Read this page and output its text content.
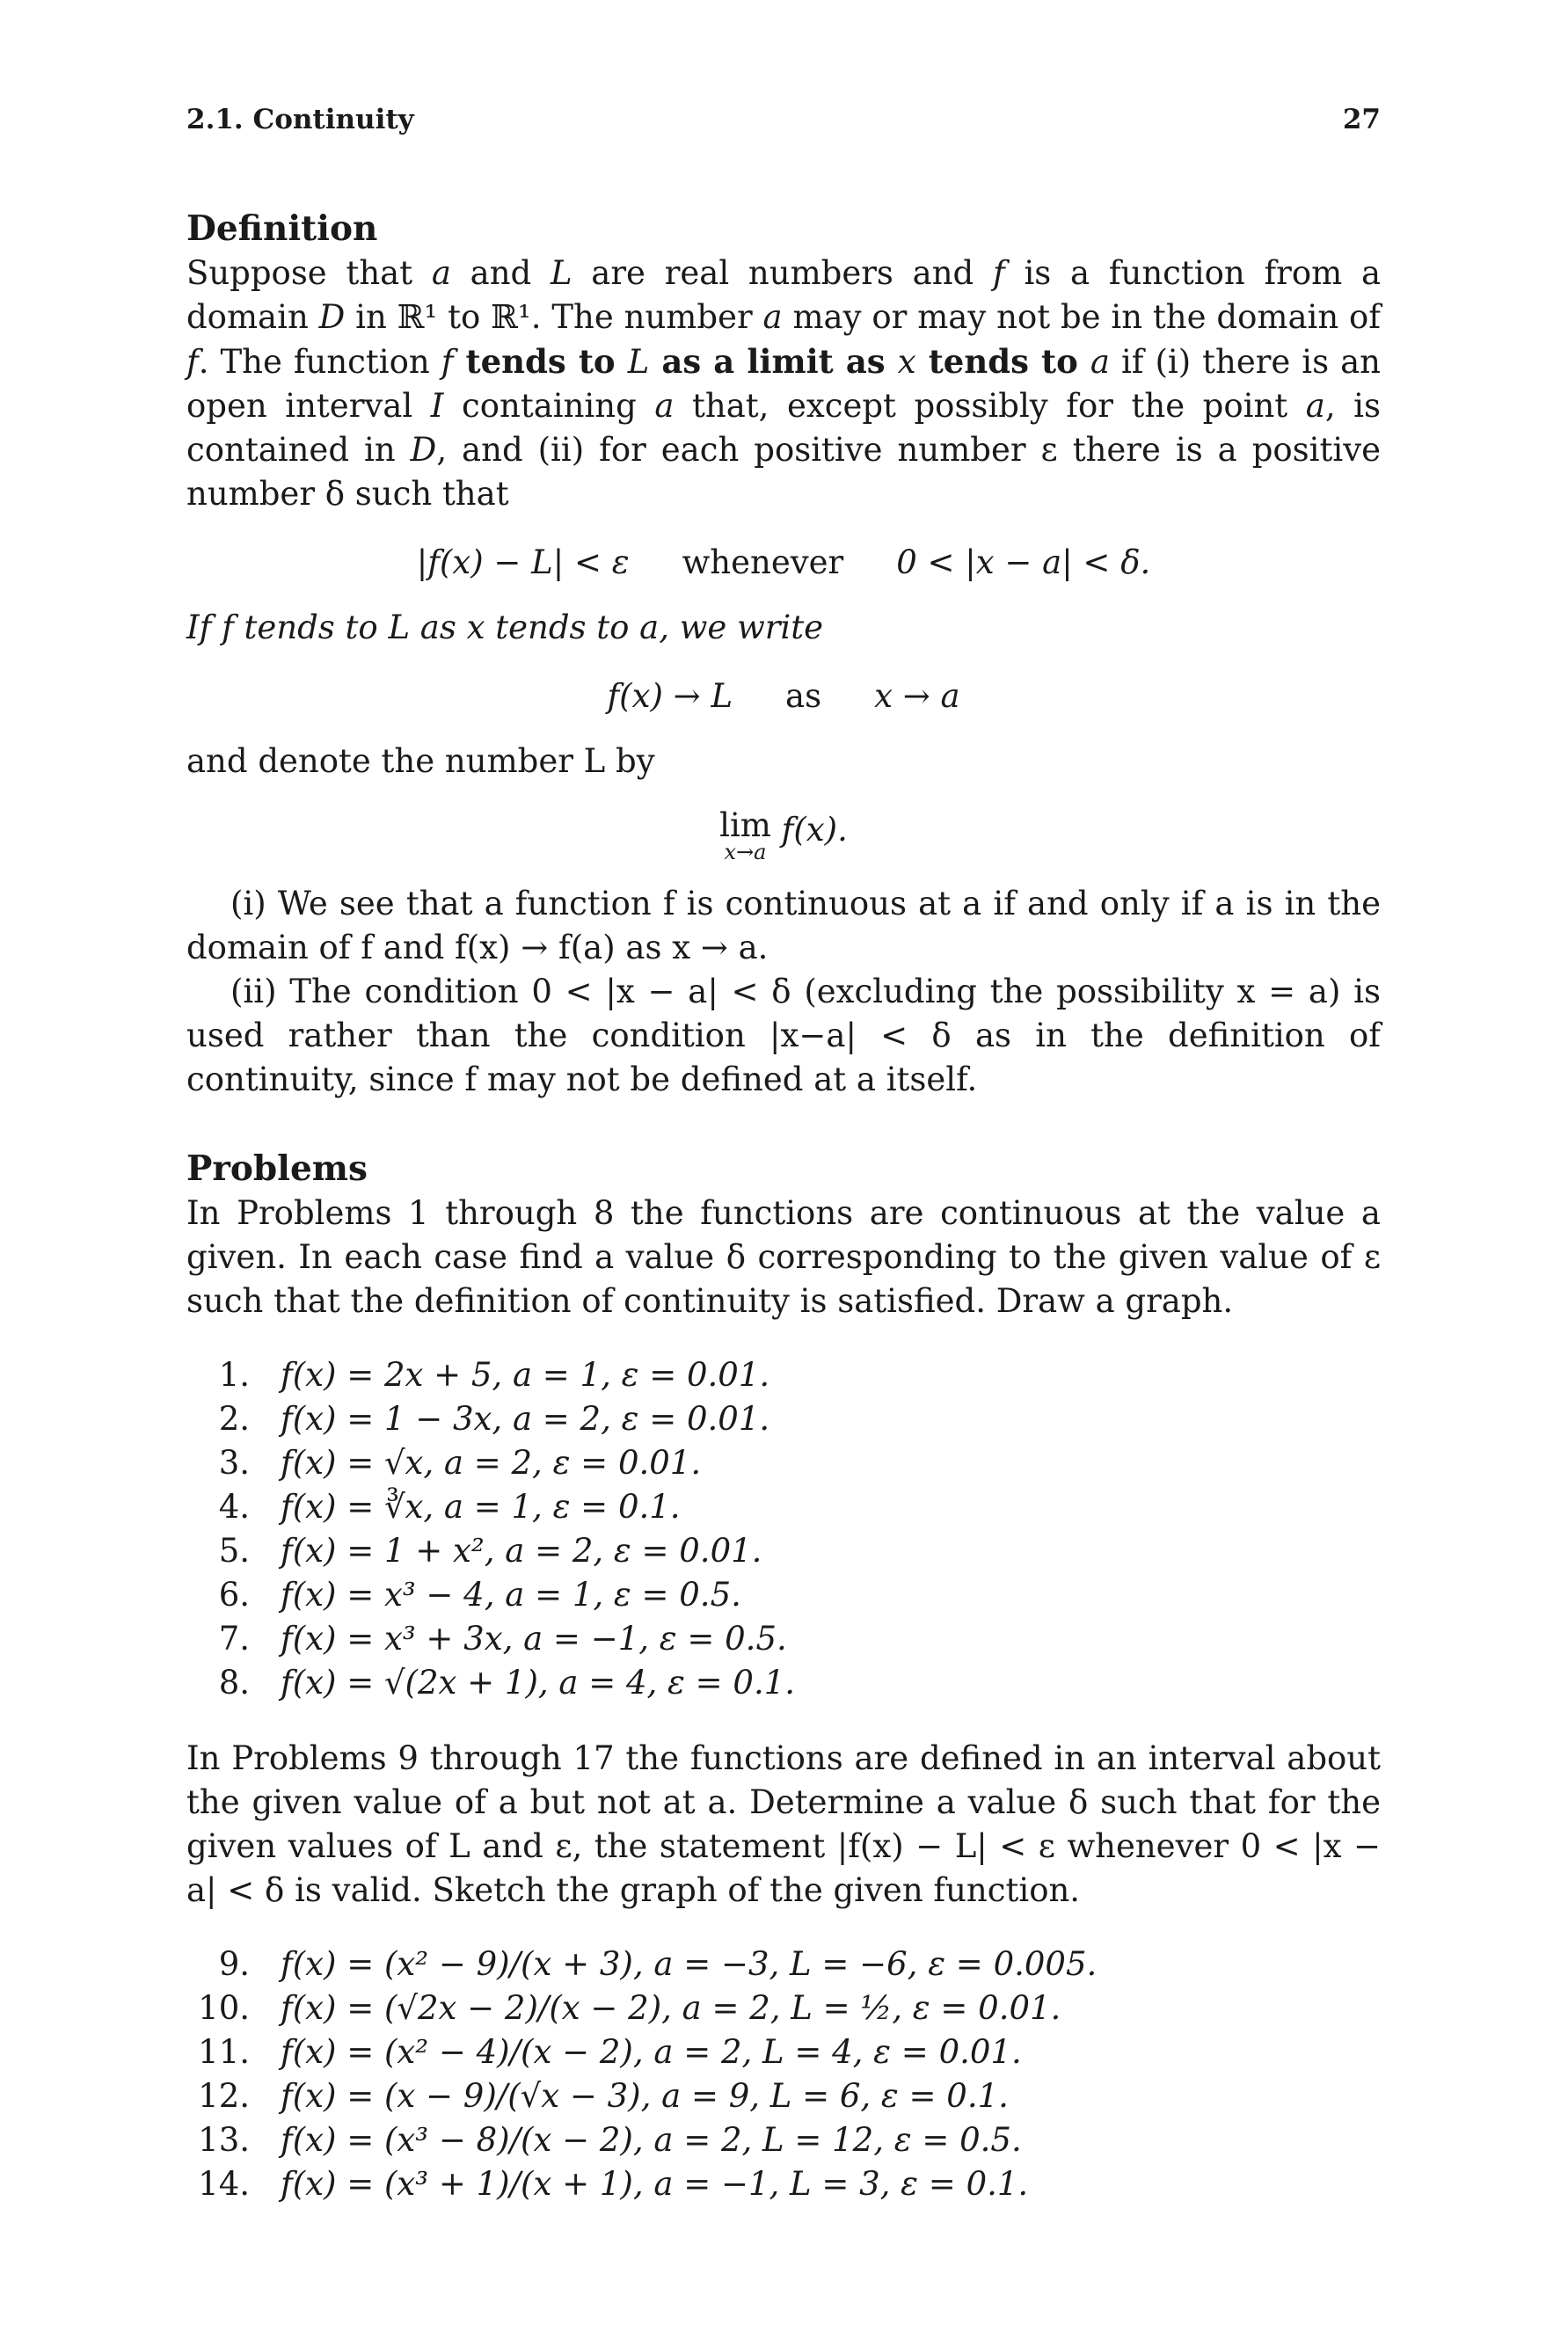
2.1. Continuity	27
Definition

Suppose that a and L are real numbers and f is a function from a domain D in ℝ¹ to ℝ¹. The number a may or may not be in the domain of f. The function f tends to L as a limit as x tends to a if (i) there is an open interval I containing a that, except possibly for the point a, is contained in D, and (ii) for each positive number ε there is a positive number δ such that

|f(x) − L| < ε whenever 0 < |x − a| < δ.

If f tends to L as x tends to a, we write

f(x) → L as x → a

and denote the number L by

lim
x→a
f(x).

(i) We see that a function f is continuous at a if and only if a is in the domain of f and f(x) → f(a) as x → a.

(ii) The condition 0 < |x − a| < δ (excluding the possibility x = a) is used rather than the condition |x−a| < δ as in the definition of continuity, since f may not be defined at a itself.

Problems

In Problems 1 through 8 the functions are continuous at the value a given. In each case find a value δ corresponding to the given value of ε such that the definition of continuity is satisfied. Draw a graph.

1. f(x) = 2x + 5, a = 1, ε = 0.01.
2. f(x) = 1 − 3x, a = 2, ε = 0.01.
3. f(x) = √x, a = 2, ε = 0.01.
4. f(x) = ∛x, a = 1, ε = 0.1.
5. f(x) = 1 + x², a = 2, ε = 0.01.
6. f(x) = x³ − 4, a = 1, ε = 0.5.
7. f(x) = x³ + 3x, a = −1, ε = 0.5.
8. f(x) = √(2x + 1), a = 4, ε = 0.1.

In Problems 9 through 17 the functions are defined in an interval about the given value of a but not at a. Determine a value δ such that for the given values of L and ε, the statement |f(x) − L| < ε whenever 0 < |x − a| < δ is valid. Sketch the graph of the given function.

9. f(x) = (x² − 9)/(x + 3), a = −3, L = −6, ε = 0.005.
10. f(x) = (√2x − 2)/(x − 2), a = 2, L = ½, ε = 0.01.
11. f(x) = (x² − 4)/(x − 2), a = 2, L = 4, ε = 0.01.
12. f(x) = (x − 9)/(√x − 3), a = 9, L = 6, ε = 0.1.
13. f(x) = (x³ − 8)/(x − 2), a = 2, L = 12, ε = 0.5.
14. f(x) = (x³ + 1)/(x + 1), a = −1, L = 3, ε = 0.1.
